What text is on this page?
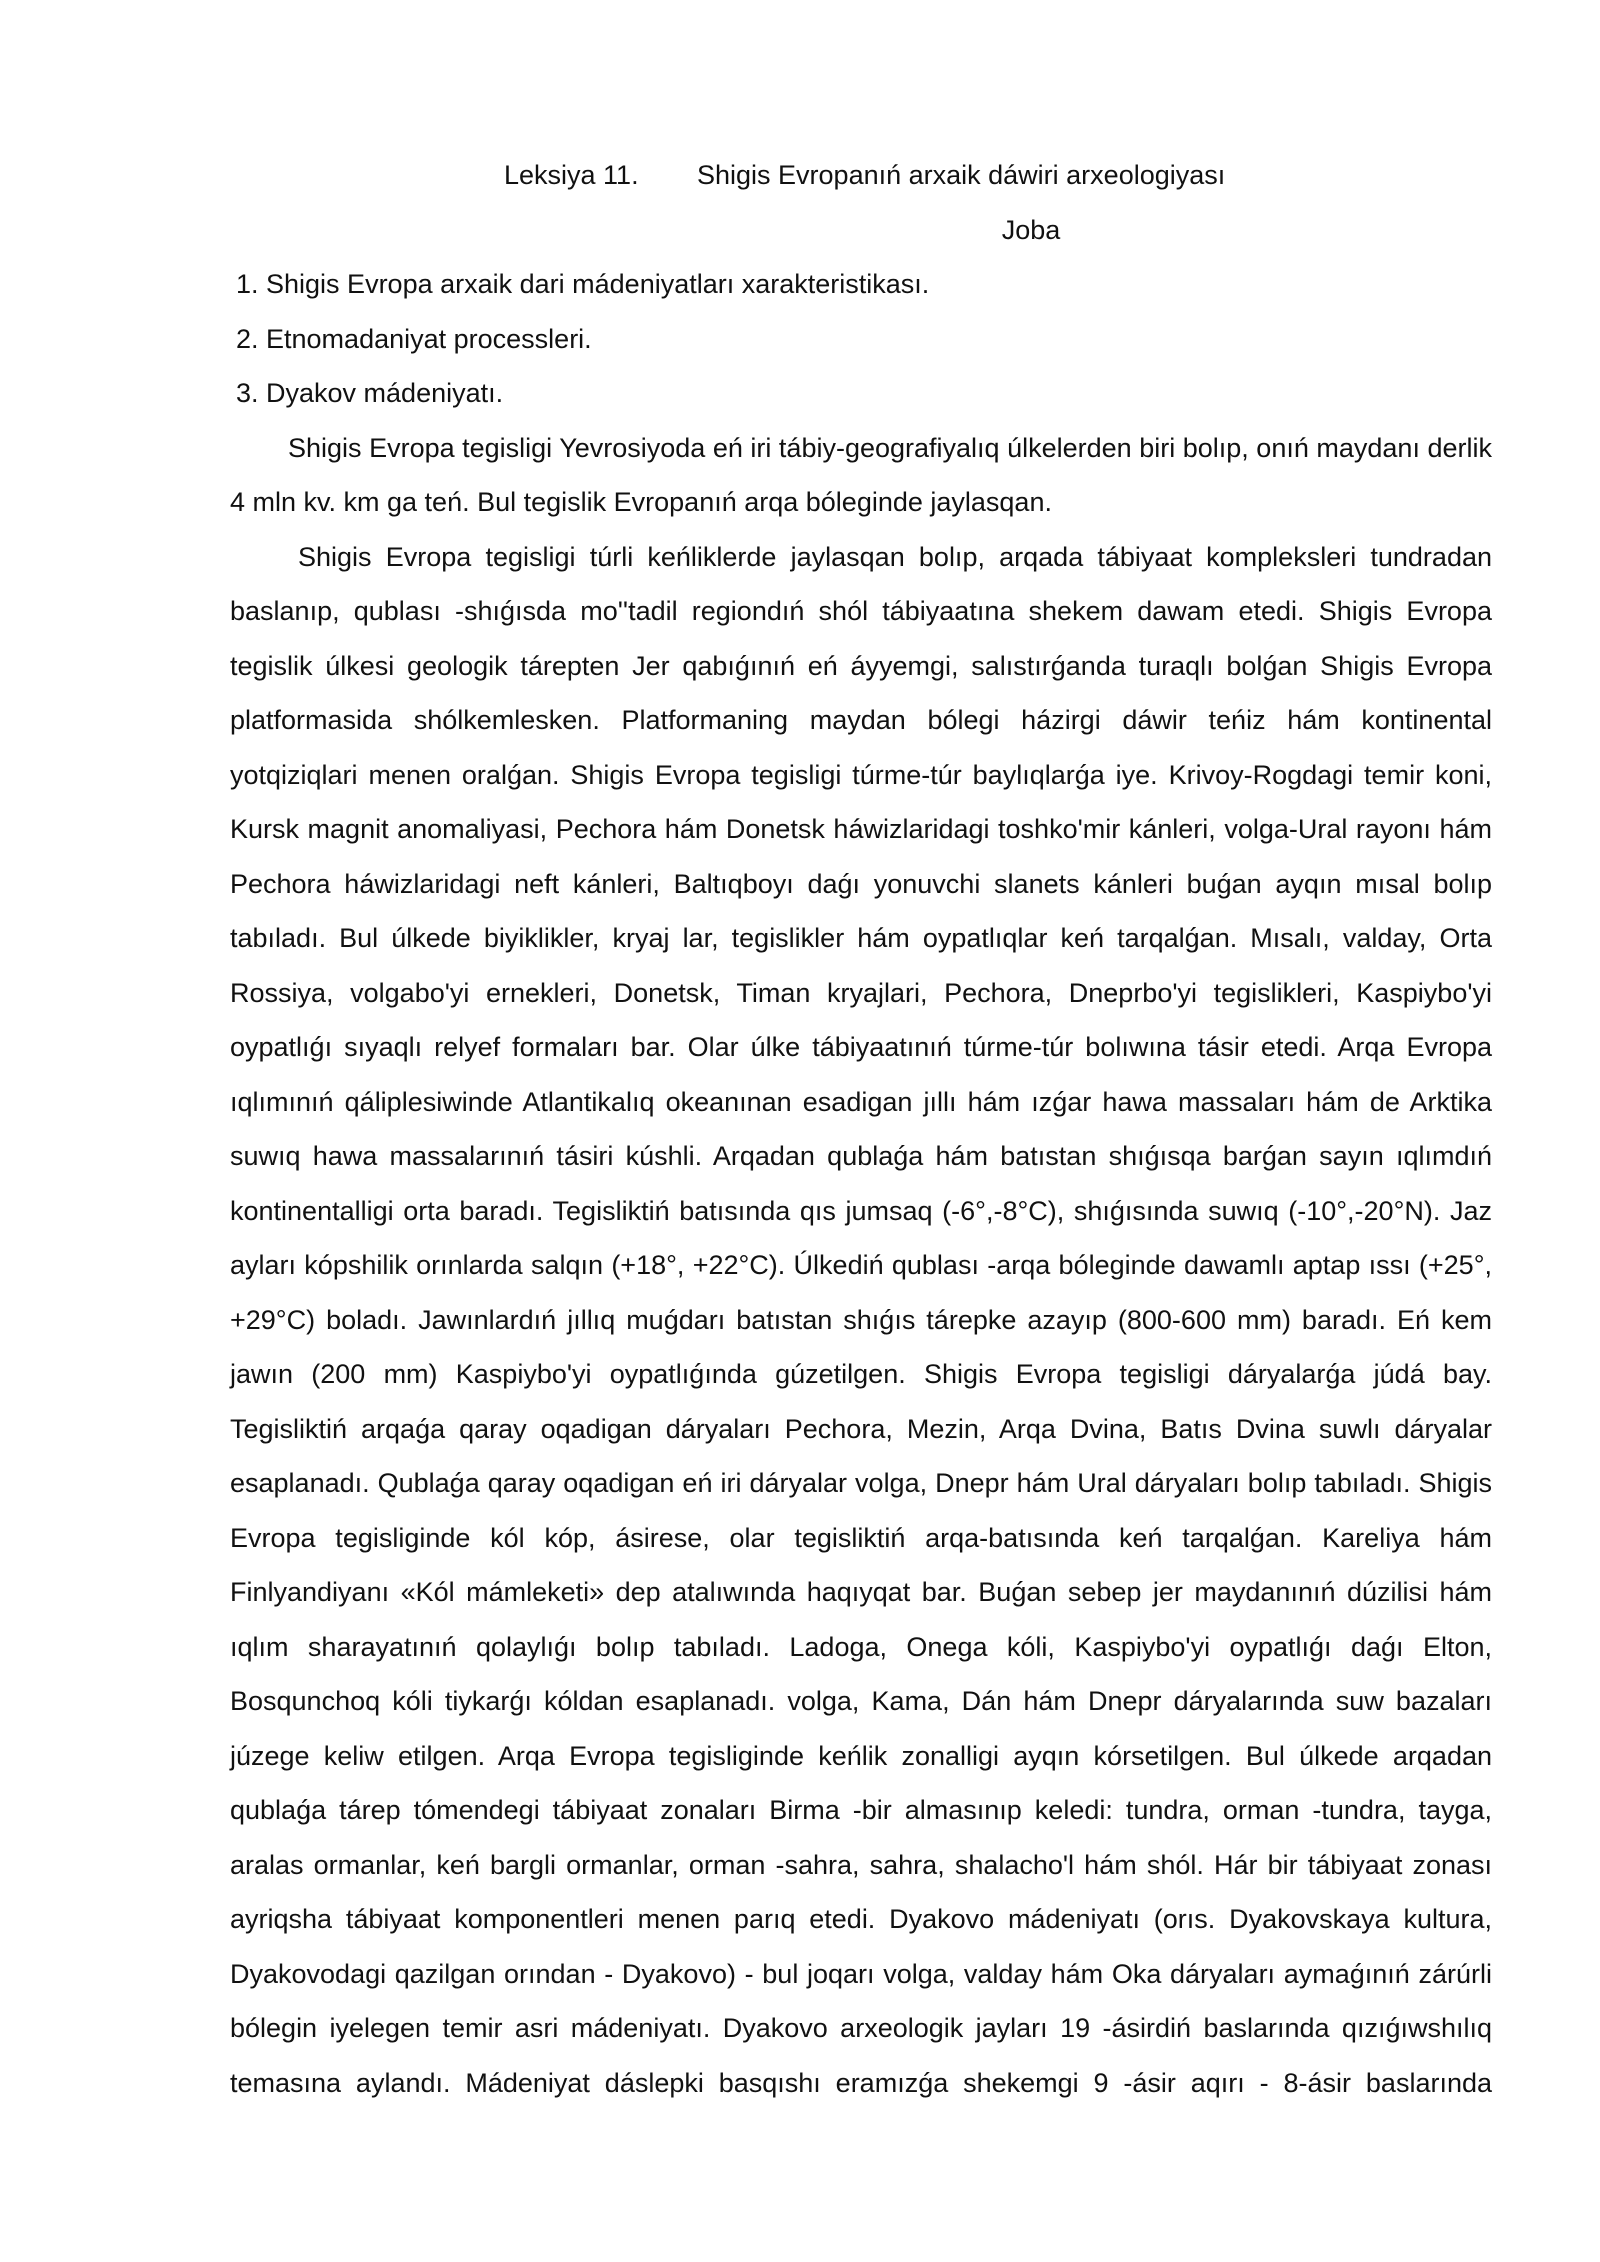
Leksiya 11. Shigis Evropanıń arxaik dáwiri arxeologiyası
Joba
1. Shigis Evropa arxaik dari mádeniyatları xarakteristikası.
2. Etnomadaniyat processleri.
3. Dyakov mádeniyatı.

Shigis Evropa tegisligi Yevrosiyoda eń iri tábiy-geografiyalıq úlkelerden biri bolıp, onıń maydanı derlik 4 mln kv. km ga teń. Bul tegislik Evropanıń arqa bóleginde jaylasqan.

Shigis Evropa tegisligi túrli keńliklerde jaylasqan bolıp, arqada tábiyaat kompleksleri tundradan baslanıp, qublası -shıǵısda mo''tadil regiondıń shól tábiyaatına shekem dawam etedi. Shigis Evropa tegislik úlkesi geologik tárepten Jer qabıǵınıń eń áyyemgi, salıstırǵanda turaqlı bolǵan Shigis Evropa platformasida shólkemlesken. Platformaning maydan bólegi házirgi dáwir teńiz hám kontinental yotqiziqlari menen oralǵan. Shigis Evropa tegisligi túrme-túr baylıqlarǵa iye. Krivoy-Rogdagi temir koni, Kursk magnit anomaliyasi, Pechora hám Donetsk háwizlaridagi toshko'mir kánleri, volga-Ural rayonı hám Pechora háwizlaridagi neft kánleri, Baltıqboyı daǵı yonuvchi slanets kánleri buǵan ayqın mısal bolıp tabıladı. Bul úlkede biyiklikler, kryaj lar, tegislikler hám oypatlıqlar keń tarqalǵan. Mısalı, valday, Orta Rossiya, volgabo'yi ernekleri, Donetsk, Timan kryajlari, Pechora, Dneprbo'yi tegislikleri, Kaspiybo'yi oypatlıǵı sıyaqlı relyef formaları bar. Olar úlke tábiyaatınıń túrme-túr bolıwına tásir etedi. Arqa Evropa ıqlımınıń qáliplesiwinde Atlantikalıq okeanınan esadigan jıllı hám ızǵar hawa massaları hám de Arktika suwıq hawa massalarınıń tásiri kúshli. Arqadan qublaǵa hám batıstan shıǵısqa barǵan sayın ıqlımdıń kontinentalligi orta baradı. Tegisliktiń batısında qıs jumsaq (-6°,-8°C), shıǵısında suwıq (-10°,-20°N). Jaz ayları kópshilik orınlarda salqın (+18°, +22°C). Úlkediń qublası -arqa bóleginde dawamlı aptap ıssı (+25°, +29°C) boladı. Jawınlardıń jıllıq muǵdarı batıstan shıǵıs tárepke azayıp (800-600 mm) baradı. Eń kem jawın (200 mm) Kaspiybo'yi oypatlıǵında gúzetilgen. Shigis Evropa tegisligi dáryalarǵa júdá bay. Tegisliktiń arqaǵa qaray oqadigan dáryaları Pechora, Mezin, Arqa Dvina, Batıs Dvina suwlı dáryalar esaplanadı. Qublaǵa qaray oqadigan eń iri dáryalar volga, Dnepr hám Ural dáryaları bolıp tabıladı. Shigis Evropa tegisliginde kól kóp, ásirese, olar tegisliktiń arqa-batısında keń tarqalǵan. Kareliya hám Finlyandiyanı «Kól mámleketi» dep atalıwında haqıyqat bar. Buǵan sebep jer maydanınıń dúzilisi hám ıqlım sharayatınıń qolaylıǵı bolıp tabıladı. Ladoga, Onega kóli, Kaspiybo'yi oypatlıǵı daǵı Elton, Bosqunchoq kóli tiykarǵı kóldan esaplanadı. volga, Kama, Dán hám Dnepr dáryalarında suw bazaları júzege keliw etilgen. Arqa Evropa tegisliginde keńlik zonalligi ayqın kórsetilgen. Bul úlkede arqadan qublaǵa tárep tómendegi tábiyaat zonaları Birma -bir almasınıp keledi: tundra, orman -tundra, tayga, aralas ormanlar, keń bargli ormanlar, orman -sahra, sahra, shalacho'l hám shól. Hár bir tábiyaat zonası ayriqsha tábiyaat komponentleri menen parıq etedi. Dyakovo mádeniyatı (orıs. Dyakovskaya kultura, Dyakovodagi qazilgan orından - Dyakovo) - bul joqarı volga, valday hám Oka dáryaları aymaǵınıń zárúrli bólegin iyelegen temir asri mádeniyatı. Dyakovo arxeologik jayları 19 -ásirdiń baslarında qızıǵıwshılıq temasına aylandı. Mádeniyat dáslepki basqıshı eramızǵa shekemgi 9 -ásir aqırı - 8-ásir baslarında
